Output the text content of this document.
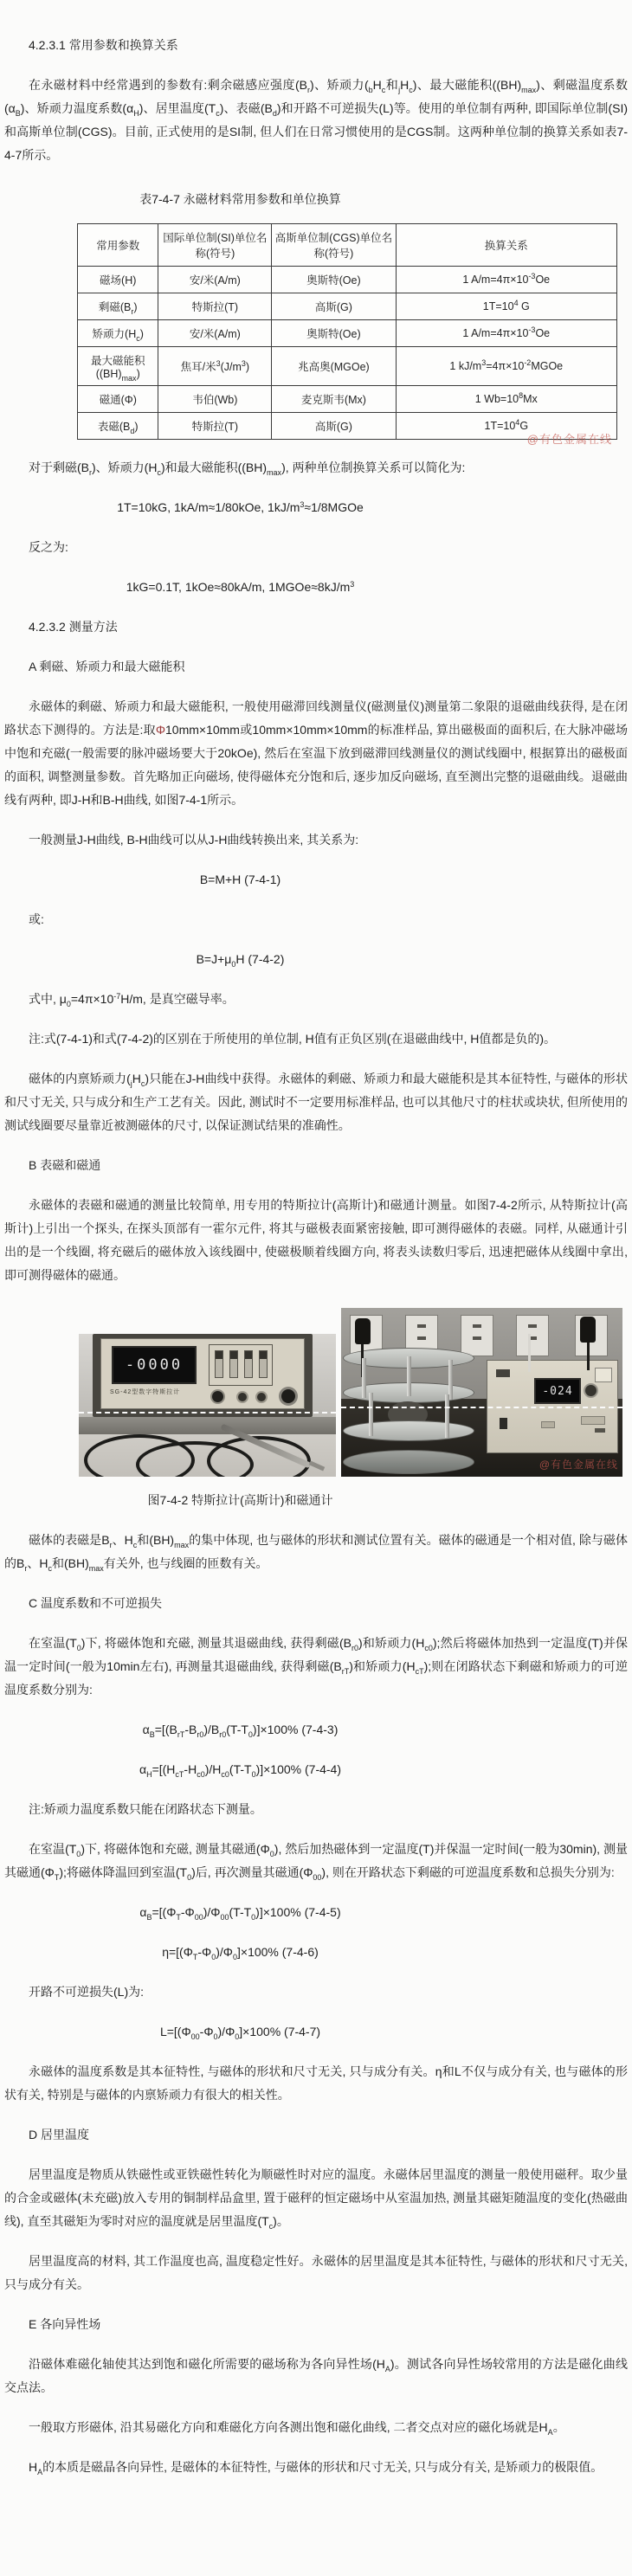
4.2.3.1 常用参数和换算关系

在永磁材料中经常遇到的参数有:剩余磁感应强度$(B_r)$、矫顽力($_bH_c$和$_jH_c$)、最大磁能积$((BH)_{max})$、剩磁温度系数$(\alpha_B)$、矫顽力温度系数$(\alpha_H)$、居里温度$(T_c)$、表磁$(B_d)$和开路不可逆损失(L)等。使用的单位制有两种, 即国际单位制(SI)和高斯单位制(CGS)。目前, 正式使用的是SI制, 但人们在日常习惯使用的是CGS制。这两种单位制的换算关系如表7-4-7所示。

表7-4-7 永磁材料常用参数和单位换算

常用参数	国际单位制(SI)单位名称(符号)	高斯单位制(CGS)单位名称(符号)	换算关系
磁场(H)	安/米(A/m)	奥斯特(Oe)	1 $A/m=4\pi\times 10^{-3}Oe$
剩磁$(B_r)$	特斯拉(T)	高斯(G)	$1T=10^4$ G
矫顽力$(H_c)$	安/米(A/m)	奥斯特(Oe)	1 $A/m=4\pi\times 10^{-3}Oe$
最大磁能积$((BH)_{max})$	焦耳/米$^3(J/m^3)$	兆高奥(MGOe)	1 $kJ/m^3=4\pi\times 10^{-2}MGOe$
磁通(Φ)	韦伯(Wb)	麦克斯韦(Mx)	1 $Wb=10^8Mx$
表磁$(B_d)$	特斯拉(T)	高斯(G)	$1T=10^4G$
@有色金属在线

对于剩磁$(B_r)$、矫顽力$(H_c)$和最大磁能积$((BH)_{max})$, 两种单位制换算关系可以简化为:

1T=10kG, 1kA/m≈1/80kOe, $1kJ/m^3\approx 1/8MGOe$

反之为:

1kG=0.1T, 1kOe≈80kA/m, $1MGOe\approx 8kJ/m^3$

4.2.3.2 测量方法

A 剩磁、矫顽力和最大磁能积

永磁体的剩磁、矫顽力和最大磁能积, 一般使用磁滞回线测量仪(磁测量仪)测量第二象限的退磁曲线获得, 是在闭路状态下测得的。方法是:取Φ10mm×10mm或10mm×10mm×10mm的标准样品, 算出磁极面的面积后, 在大脉冲磁场中饱和充磁(一般需要的脉冲磁场要大于20kOe), 然后在室温下放到磁滞回线测量仪的测试线圈中, 根据算出的磁极面的面积, 调整测量参数。首先略加正向磁场, 使得磁体充分饱和后, 逐步加反向磁场, 直至测出完整的退磁曲线。退磁曲线有两种, 即J-H和B-H曲线, 如图7-4-1所示。

一般测量J-H曲线, B-H曲线可以从J-H曲线转换出来, 其关系为:

B=M+H (7-4-1)

或:

$B=J+\mu_0H$ (7-4-2)

式中, $\mu_0=4\pi\times 10^{-7}H/m$, 是真空磁导率。

注:式(7-4-1)和式(7-4-2)的区别在于所使用的单位制, H值有正负区别(在退磁曲线中, H值都是负的)。

磁体的内禀矫顽力$(_jH_c)$只能在J-H曲线中获得。永磁体的剩磁、矫顽力和最大磁能积是其本征特性, 与磁体的形状和尺寸无关, 只与成分和生产工艺有关。因此, 测试时不一定要用标准样品, 也可以其他尺寸的柱状或块状, 但所使用的测试线圈要尽量靠近被测磁体的尺寸, 以保证测试结果的准确性。

B 表磁和磁通

永磁体的表磁和磁通的测量比较简单, 用专用的特斯拉计(高斯计)和磁通计测量。如图7-4-2所示, 从特斯拉计(高斯计)上引出一个探头, 在探头顶部有一霍尔元件, 将其与磁极表面紧密接触, 即可测得磁体的表磁。同样, 从磁通计引出的是一个线圈, 将充磁后的磁体放入该线圈中, 使磁极顺着线圈方向, 将表头读数归零后, 迅速把磁体从线圈中拿出, 即可测得磁体的磁通。

-0000
SG-42型数字特斯拉计	-024
@有色金属在线

图7-4-2 特斯拉计(高斯计)和磁通计

磁体的表磁是$B_r$、$H_c$和$(BH)_{max}$的集中体现, 也与磁体的形状和测试位置有关。磁体的磁通是一个相对值, 除与磁体的$B_r$、$H_c$和$(BH)_{max}$有关外, 也与线圈的匝数有关。

C 温度系数和不可逆损失

在室温$(T_0)$下, 将磁体饱和充磁, 测量其退磁曲线, 获得剩磁$(B_{r0})$和矫顽力$(H_{c0})$;然后将磁体加热到一定温度(T)并保温一定时间(一般为10min左右), 再测量其退磁曲线, 获得剩磁$(B_{rT})$和矫顽力$(H_{cT})$;则在闭路状态下剩磁和矫顽力的可逆温度系数分别为:

$\alpha_B=[(B_{rT}-B_{r0})/B_{r0}(T-T_0)]\times 100\%$ (7-4-3)

$\alpha_H=[(H_{cT}-H_{c0})/H_{c0}(T-T_0)]\times 100\%$ (7-4-4)

注:矫顽力温度系数只能在闭路状态下测量。

在室温$(T_0)$下, 将磁体饱和充磁, 测量其磁通$(\Phi_0)$, 然后加热磁体到一定温度(T)并保温一定时间(一般为30min), 测量其磁通$(\Phi_T)$;将磁体降温回到室温$(T_0)$后, 再次测量其磁通$(\Phi_{00})$, 则在开路状态下剩磁的可逆温度系数和总损失分别为:

$\alpha_B=[(\Phi_T-\Phi_{00})/\Phi_{00}(T-T_0)]\times 100\%$ (7-4-5)

$\eta=[(\Phi_T-\Phi_0)/\Phi_0]\times 100\%$ (7-4-6)

开路不可逆损失(L)为:

$L=[(\Phi_{00}-\Phi_0)/\Phi_0]\times 100\%$ (7-4-7)

永磁体的温度系数是其本征特性, 与磁体的形状和尺寸无关, 只与成分有关。η和L不仅与成分有关, 也与磁体的形状有关, 特别是与磁体的内禀矫顽力有很大的相关性。

D 居里温度

居里温度是物质从铁磁性或亚铁磁性转化为顺磁性时对应的温度。永磁体居里温度的测量一般使用磁秤。取少量的合金或磁体(未充磁)放入专用的铜制样品盒里, 置于磁秤的恒定磁场中从室温加热, 测量其磁矩随温度的变化(热磁曲线), 直至其磁矩为零时对应的温度就是居里温度$(T_c)$。

居里温度高的材料, 其工作温度也高, 温度稳定性好。永磁体的居里温度是其本征特性, 与磁体的形状和尺寸无关, 只与成分有关。

E 各向异性场

沿磁体难磁化轴使其达到饱和磁化所需要的磁场称为各向异性场$(H_A)$。测试各向异性场较常用的方法是磁化曲线交点法。

一般取方形磁体, 沿其易磁化方向和难磁化方向各测出饱和磁化曲线, 二者交点对应的磁化场就是$H_A$。

$H_A$的本质是磁晶各向异性, 是磁体的本征特性, 与磁体的形状和尺寸无关, 只与成分有关, 是矫顽力的极限值。
